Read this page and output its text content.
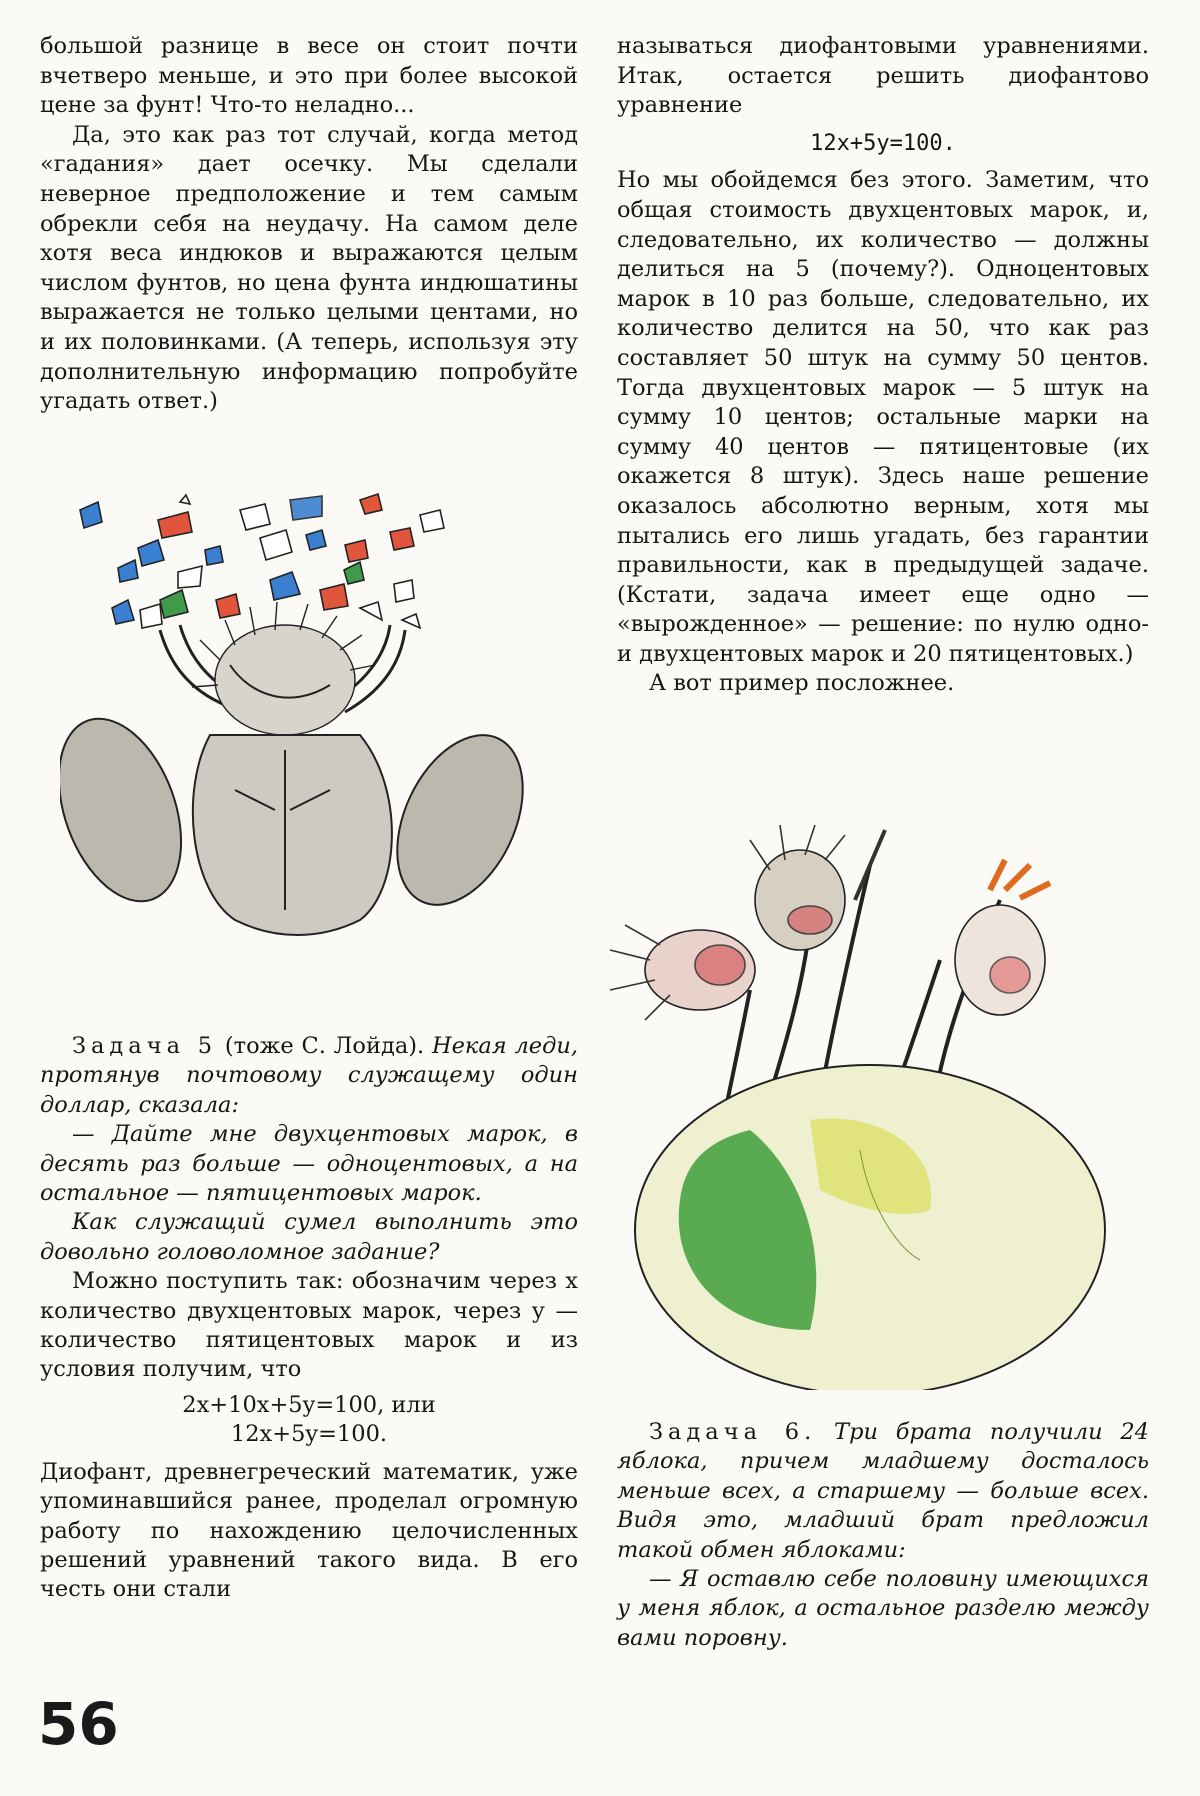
большой разнице в весе он стоит почти вчетверо меньше, и это при более высокой цене за фунт! Что-то неладно...

Да, это как раз тот случай, когда метод «гадания» дает осечку. Мы сделали неверное предположение и тем самым обрекли себя на неудачу. На самом деле хотя веса индюков и выражаются целым числом фунтов, но цена фунта индюшатины выражается не только целыми центами, но и их половинками. (А теперь, используя эту дополнительную информацию попробуйте угадать ответ.)

Задача 5 (тоже С. Лойда). Некая леди, протянув почтовому служащему один доллар, сказала:

— Дайте мне двухцентовых марок, в десять раз больше — одноцентовых, а на остальное — пятицентовых марок.

Как служащий сумел выполнить это довольно головоломное задание?

Можно поступить так: обозначим через x количество двухцентовых марок, через y — количество пятицентовых марок и из условия получим, что

2x+10x+5y=100, или

12x+5y=100.

Диофант, древнегреческий математик, уже упоминавшийся ранее, проделал огромную работу по нахождению целочисленных решений уравнений такого вида. В его честь они стали

называться диофантовыми уравнениями. Итак, остается решить диофантово уравнение

12x+5y=100.

Но мы обойдемся без этого. Заметим, что общая стоимость двухцентовых марок, и, следовательно, их количество — должны делиться на 5 (почему?). Одноцентовых марок в 10 раз больше, следовательно, их количество делится на 50, что как раз составляет 50 штук на сумму 50 центов. Тогда двухцентовых марок — 5 штук на сумму 10 центов; остальные марки на сумму 40 центов — пятицентовые (их окажется 8 штук). Здесь наше решение оказалось абсолютно верным, хотя мы пытались его лишь угадать, без гарантии правильности, как в предыдущей задаче. (Кстати, задача имеет еще одно — «вырожденное» — решение: по нулю одно- и двухцентовых марок и 20 пятицентовых.)

А вот пример посложнее.

Задача 6. Три брата получили 24 яблока, причем младшему досталось меньше всех, а старшему — больше всех. Видя это, младший брат предложил такой обмен яблоками:

— Я оставлю себе половину имеющихся у меня яблок, а остальное разделю между вами поровну.

56
